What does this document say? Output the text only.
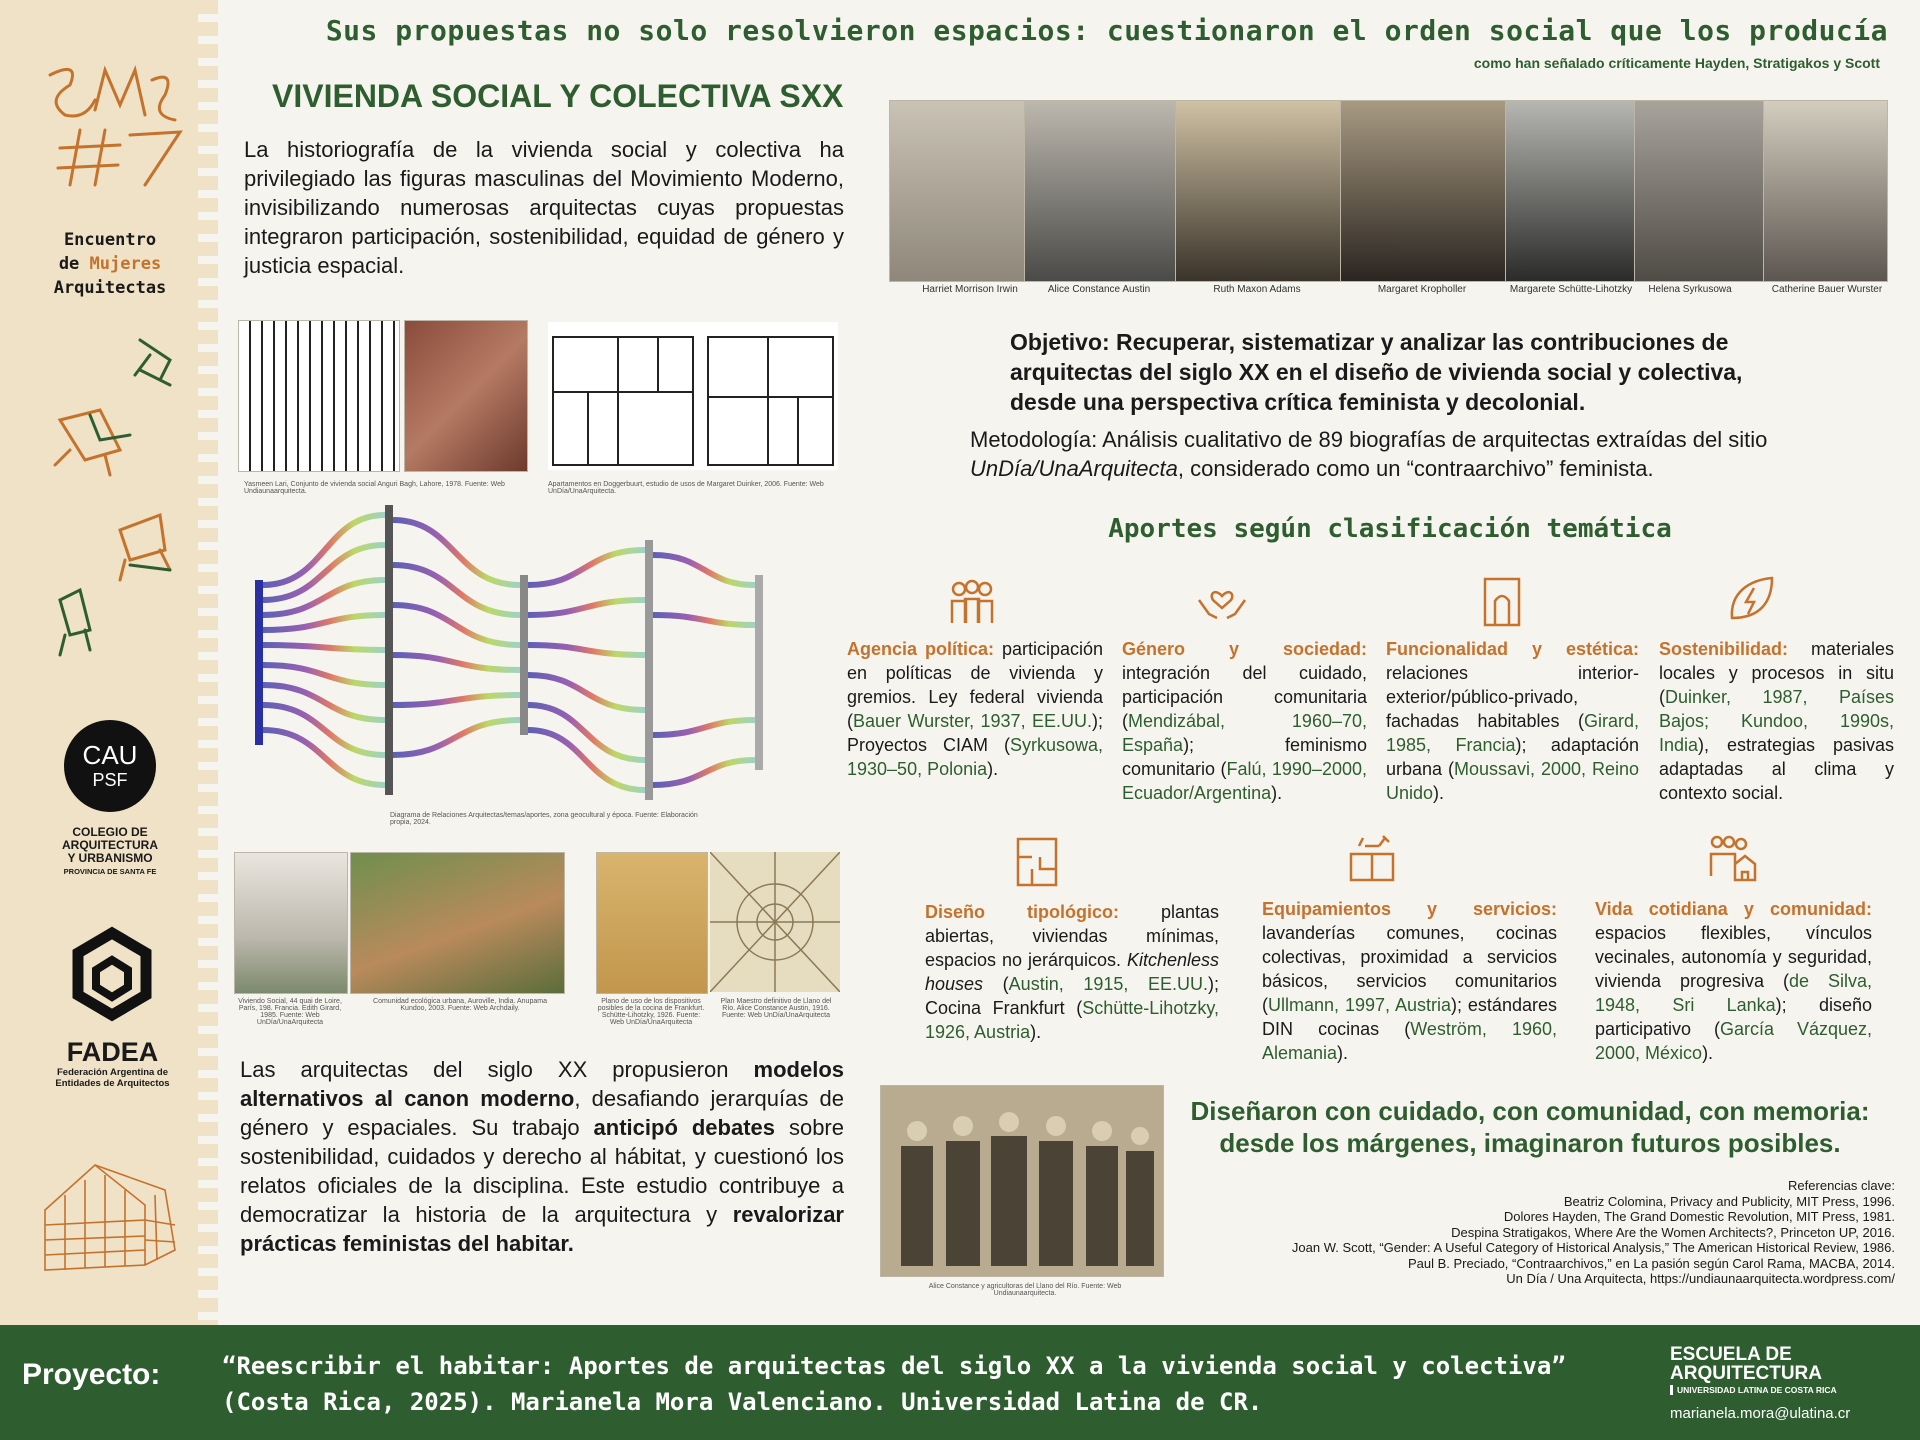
Encuentro
de Mujeres
Arquitectas
CAU
PSF
COLEGIO DE
ARQUITECTURA
Y URBANISMO
PROVINCIA DE SANTA FE
FADEA
Federación Argentina de
Entidades de Arquitectos
Sus propuestas no solo resolvieron espacios: cuestionaron el orden social que los producía
como han señalado críticamente Hayden, Stratigakos y Scott
VIVIENDA SOCIAL Y COLECTIVA SXX
La historiografía de la vivienda social y colectiva ha privilegiado las figuras masculinas del Movimiento Moderno, invisibilizando numerosas arquitectas cuyas propuestas integraron participación, sostenibilidad, equidad de género y justicia espacial.
Yasmeen Lari, Conjunto de vivienda social Anguri Bagh, Lahore, 1978. Fuente: Web Undiaunaarquitecta.
Apartamentos en Doggerbuurt, estudio de usos de Margaret Duinker, 2006. Fuente: Web UnDía/UnaArquitecta.
Diagrama de Relaciones Arquitectas/temas/aportes, zona geocultural y época. Fuente: Elaboración propia, 2024.
Viviendo Social, 44 quai de Loire, París, 198. Francia. Edith Girard, 1985. Fuente: Web UnDía/UnaArquitecta
Comunidad ecológica urbana, Auroville, India. Anupama Kundoo, 2003. Fuente: Web Archdaily.
Plano de uso de los dispositivos posibles de la cocina de Frankfurt. Schütte-Lihotzky, 1926. Fuente: Web UnDía/UnaArquitecta
Plan Maestro definitivo de Llano del Río. Alice Constance Austin, 1916. Fuente: Web UnDía/UnaArquitecta
Las arquitectas del siglo XX propusieron modelos alternativos al canon moderno, desafiando jerarquías de género y espaciales. Su trabajo anticipó debates sobre sostenibilidad, cuidados y derecho al hábitat, y cuestionó los relatos oficiales de la disciplina. Este estudio contribuye a democratizar la historia de la arquitectura y revalorizar prácticas feministas del habitar.
Harriet Morrison Irwin	Alice Constance Austin	Ruth Maxon Adams	Margaret Kropholler	Margarete Schütte-Lihotzky	Helena Syrkusowa	Catherine Bauer Wurster
Objetivo: Recuperar, sistematizar y analizar las contribuciones de arquitectas del siglo XX en el diseño de vivienda social y colectiva, desde una perspectiva crítica feminista y decolonial.
Metodología: Análisis cualitativo de 89 biografías de arquitectas extraídas del sitio UnDía/UnaArquitecta, considerado como un “contraarchivo” feminista.
Aportes según clasificación temática
Agencia política: participación en políticas de vivienda y gremios. Ley federal vivienda (Bauer Wurster, 1937, EE.UU.); Proyectos CIAM (Syrkusowa, 1930–50, Polonia).
Género y sociedad: integración del cuidado, participación comunitaria (Mendizábal, 1960–70, España); feminismo comunitario (Falú, 1990–2000, Ecuador/Argentina).
Funcionalidad y estética: relaciones interior-exterior/público-privado, fachadas habitables (Girard, 1985, Francia); adaptación urbana (Moussavi, 2000, Reino Unido).
Sostenibilidad: materiales locales y procesos in situ (Duinker, 1987, Países Bajos; Kundoo, 1990s, India), estrategias pasivas adaptadas al clima y contexto social.
Diseño tipológico: plantas abiertas, viviendas mínimas, espacios no jerárquicos. Kitchenless houses (Austin, 1915, EE.UU.); Cocina Frankfurt (Schütte-Lihotzky, 1926, Austria).
Equipamientos y servicios: lavanderías comunes, cocinas colectivas, proximidad a servicios básicos, servicios comunitarios (Ullmann, 1997, Austria); estándares DIN cocinas (Weström, 1960, Alemania).
Vida cotidiana y comunidad: espacios flexibles, vínculos vecinales, autonomía y seguridad, vivienda progresiva (de Silva, 1948, Sri Lanka); diseño participativo (García Vázquez, 2000, México).
Alice Constance y agricultoras del Llano del Río. Fuente: Web Undiaunaarquitecta.
Diseñaron con cuidado, con comunidad, con memoria:
desde los márgenes, imaginaron futuros posibles.
Referencias clave:
Beatriz Colomina, Privacy and Publicity, MIT Press, 1996.
Dolores Hayden, The Grand Domestic Revolution, MIT Press, 1981.
Despina Stratigakos, Where Are the Women Architects?, Princeton UP, 2016.
Joan W. Scott, “Gender: A Useful Category of Historical Analysis,” The American Historical Review, 1986.
Paul B. Preciado, “Contraarchivos,” en La pasión según Carol Rama, MACBA, 2014.
Un Día / Una Arquitecta, https://undiaunaarquitecta.wordpress.com/
Proyecto:	“Reescribir el habitar: Aportes de arquitectas del siglo XX a la vivienda social y colectiva” (Costa Rica, 2025). Marianela Mora Valenciano. Universidad Latina de CR.
ESCUELA DE
ARQUITECTURA
UNIVERSIDAD LATINA DE COSTA RICA
marianela.mora@ulatina.cr
